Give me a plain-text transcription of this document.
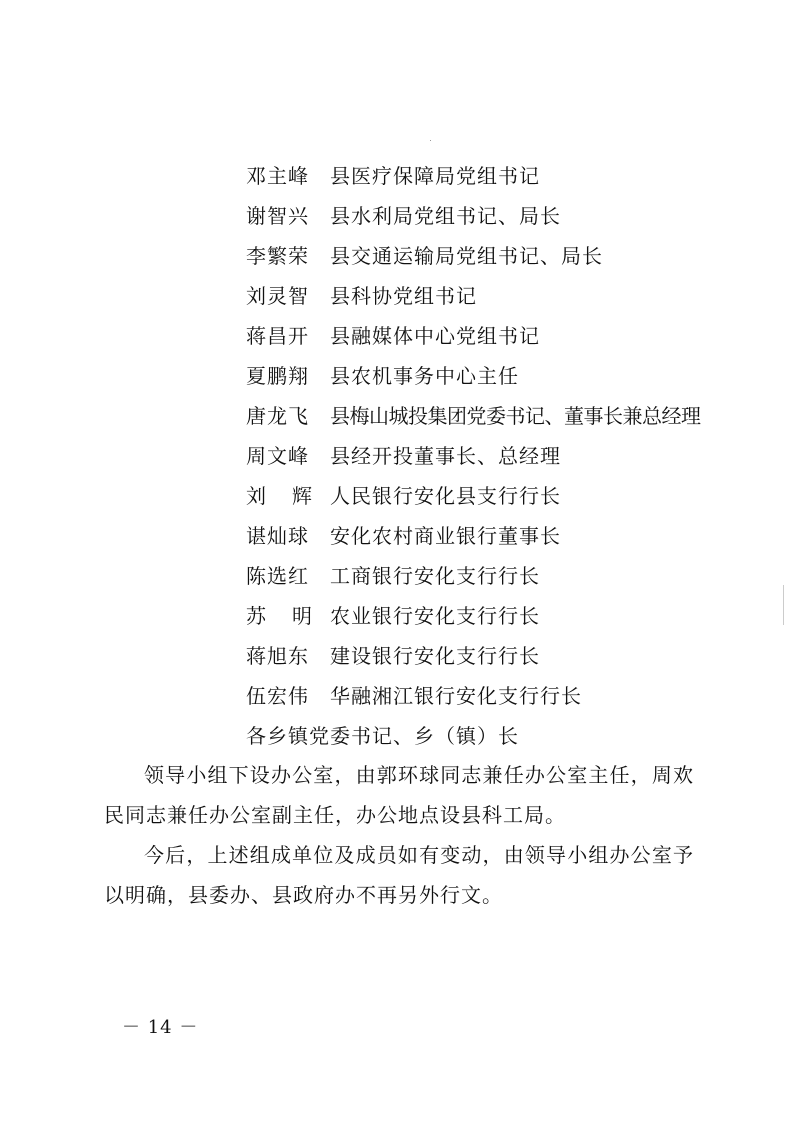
邓主峰	县医疗保障局党组书记
谢智兴	县水利局党组书记、局长
李繁荣	县交通运输局党组书记、局长
刘灵智	县科协党组书记
蒋昌开	县融媒体中心党组书记
夏鹏翔	县农机事务中心主任
唐龙飞	县梅山城投集团党委书记、董事长兼总经理
周文峰	县经开投董事长、总经理
刘 辉 人民银行安化县支行行长
谌灿球	安化农村商业银行董事长
陈选红	工商银行安化支行行长
苏 明 农业银行安化支行行长
蒋旭东	建设银行安化支行行长
伍宏伟	华融湘江银行安化支行行长
各乡镇党委书记、乡（镇）长

领导小组下设办公室，由郭环球同志兼任办公室主任，周欢民同志兼任办公室副主任，办公地点设县科工局。

今后，上述组成单位及成员如有变动，由领导小组办公室予以明确，县委办、县政府办不再另外行文。

－ 14 －
